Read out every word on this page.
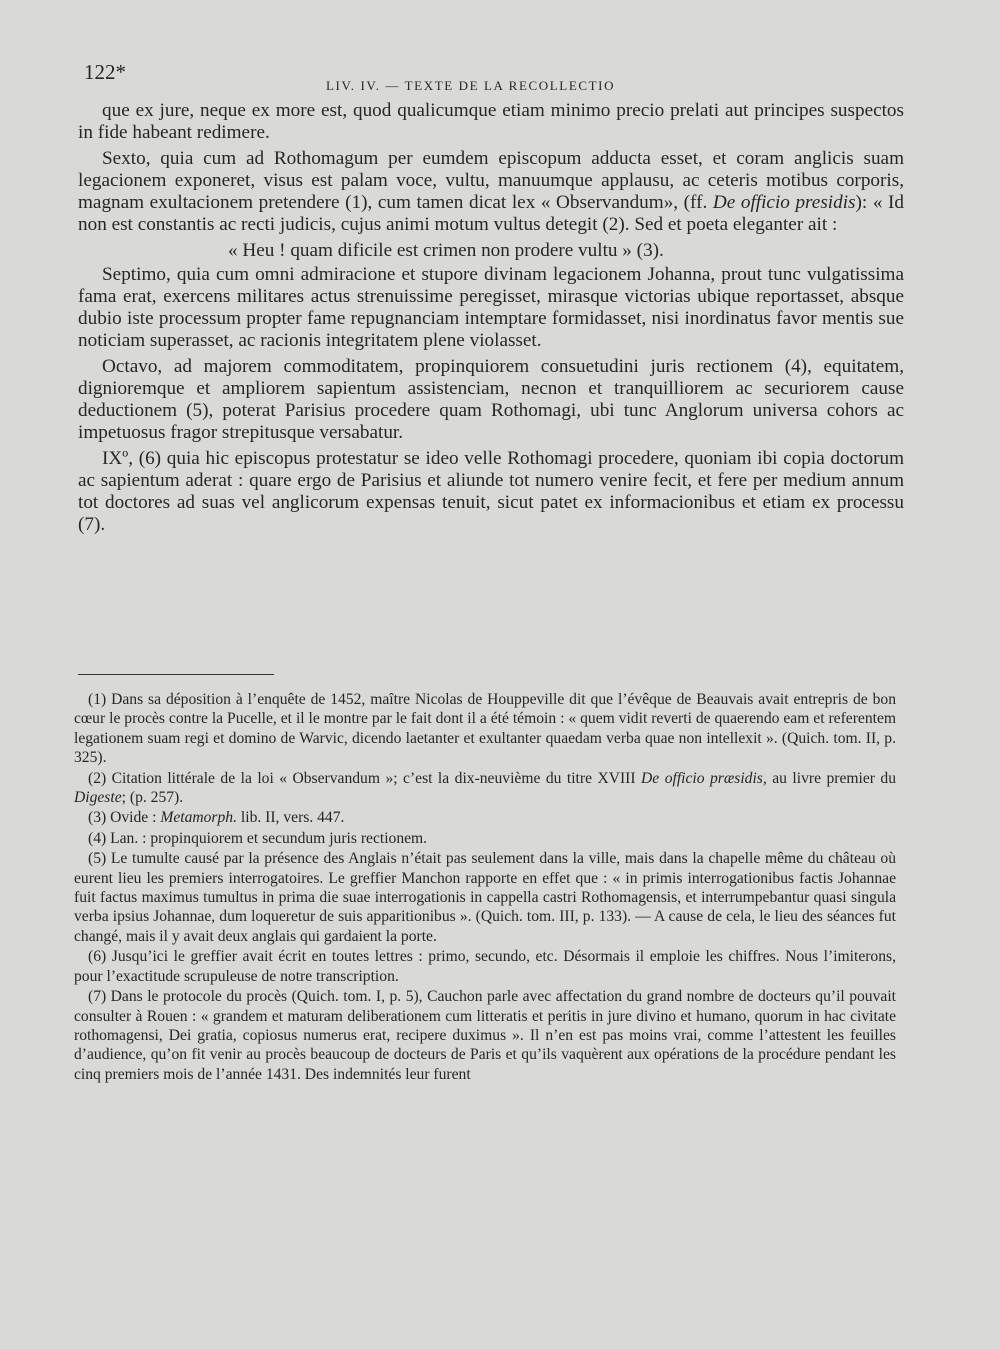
122*
LIV. IV. — TEXTE DE LA RECOLLECTIO

que ex jure, neque ex more est, quod qualicumque etiam minimo precio prelati aut principes suspectos in fide habeant redimere.

Sexto, quia cum ad Rothomagum per eumdem episcopum adducta esset, et coram anglicis suam legacionem exponeret, visus est palam voce, vultu, manuumque applausu, ac ceteris motibus corporis, magnam exultacionem pretendere (1), cum tamen dicat lex « Observandum», (ff. De officio presidis): « Id non est constantis ac recti judicis, cujus animi motum vultus detegit (2). Sed et poeta eleganter ait :

« Heu ! quam dificile est crimen non prodere vultu » (3).

Septimo, quia cum omni admiracione et stupore divinam legacionem Johanna, prout tunc vulgatissima fama erat, exercens militares actus strenuissime peregisset, mirasque victorias ubique reportasset, absque dubio iste processum propter fame repugnanciam intemptare formidasset, nisi inordinatus favor mentis sue noticiam superasset, ac racionis integritatem plene violasset.

Octavo, ad majorem commoditatem, propinquiorem consuetudini juris rectionem (4), equitatem, dignioremque et ampliorem sapientum assistenciam, necnon et tranquilliorem ac securiorem cause deductionem (5), poterat Parisius procedere quam Rothomagi, ubi tunc Anglorum universa cohors ac impetuosus fragor strepitusque versabatur.

IXº, (6) quia hic episcopus protestatur se ideo velle Rothomagi procedere, quoniam ibi copia doctorum ac sapientum aderat : quare ergo de Parisius et aliunde tot numero venire fecit, et fere per medium annum tot doctores ad suas vel anglicorum expensas tenuit, sicut patet ex informacionibus et etiam ex processu (7).

(1) Dans sa déposition à l’enquête de 1452, maître Nicolas de Houppeville dit que l’évêque de Beauvais avait entrepris de bon cœur le procès contre la Pucelle, et il le montre par le fait dont il a été témoin : « quem vidit reverti de quaerendo eam et referentem legationem suam regi et domino de Warvic, dicendo laetanter et exultanter quaedam verba quae non intellexit ». (Quich. tom. II, p. 325).

(2) Citation littérale de la loi « Observandum »; c’est la dix-neuvième du titre XVIII De officio præsidis, au livre premier du Digeste; (p. 257).

(3) Ovide : Metamorph. lib. II, vers. 447.

(4) Lan. : propinquiorem et secundum juris rectionem.

(5) Le tumulte causé par la présence des Anglais n’était pas seulement dans la ville, mais dans la chapelle même du château où eurent lieu les premiers interrogatoires. Le greffier Manchon rapporte en effet que : « in primis interrogationibus factis Johannae fuit factus maximus tumultus in prima die suae interrogationis in cappella castri Rothomagensis, et interrumpebantur quasi singula verba ipsius Johannae, dum loqueretur de suis apparitionibus ». (Quich. tom. III, p. 133). — A cause de cela, le lieu des séances fut changé, mais il y avait deux anglais qui gardaient la porte.

(6) Jusqu’ici le greffier avait écrit en toutes lettres : primo, secundo, etc. Désormais il emploie les chiffres. Nous l’imiterons, pour l’exactitude scrupuleuse de notre transcription.

(7) Dans le protocole du procès (Quich. tom. I, p. 5), Cauchon parle avec affectation du grand nombre de docteurs qu’il pouvait consulter à Rouen : « grandem et maturam deliberationem cum litteratis et peritis in jure divino et humano, quorum in hac civitate rothomagensi, Dei gratia, copiosus numerus erat, recipere duximus ». Il n’en est pas moins vrai, comme l’attestent les feuilles d’audience, qu’on fit venir au procès beaucoup de docteurs de Paris et qu’ils vaquèrent aux opérations de la procédure pendant les cinq premiers mois de l’année 1431. Des indemnités leur furent
